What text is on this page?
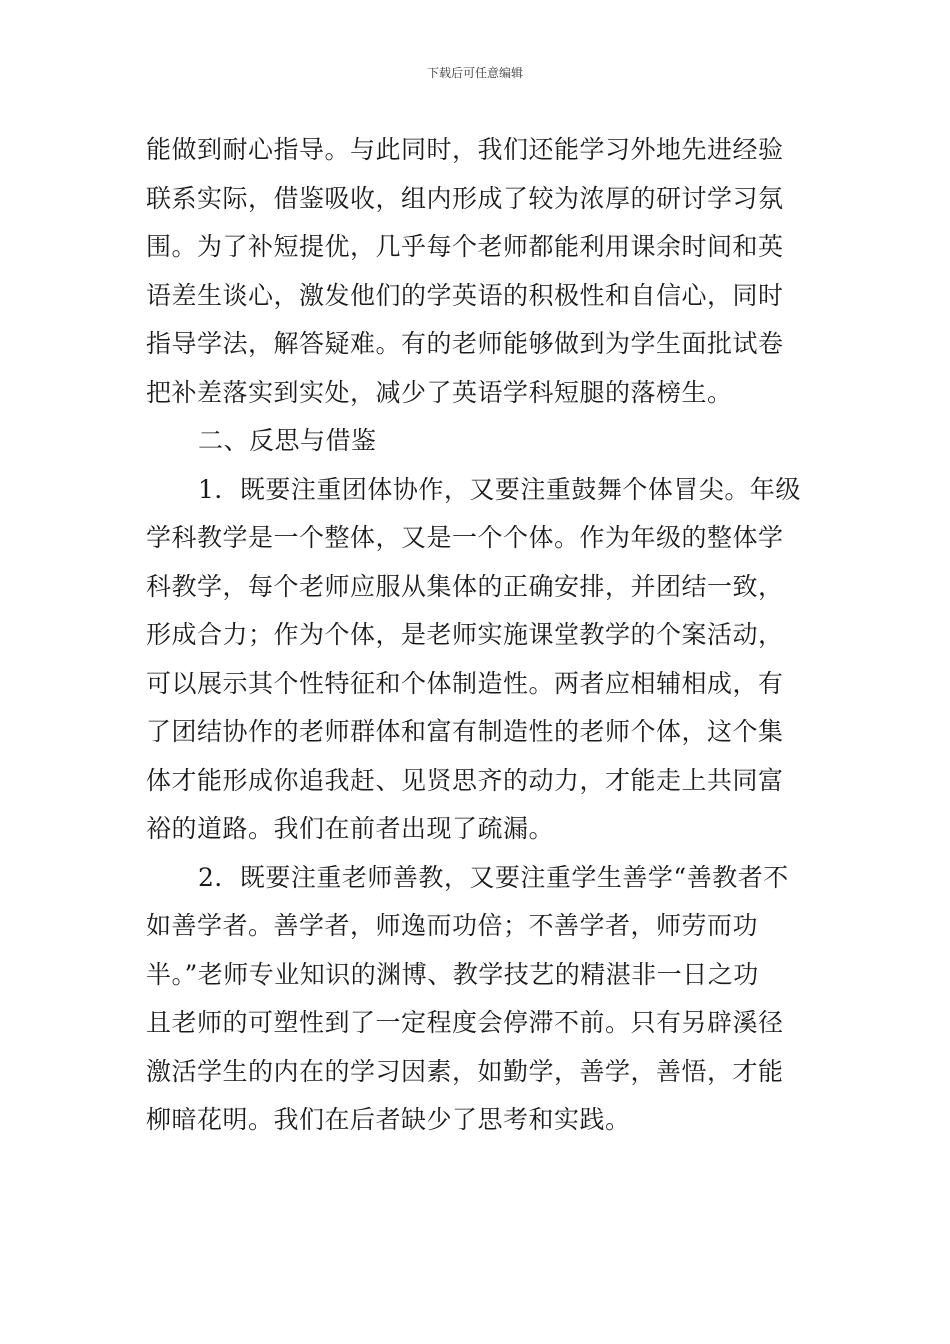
下载后可任意编辑
能做到耐心指导。与此同时，我们还能学习外地先进经验
联系实际，借鉴吸收，组内形成了较为浓厚的研讨学习氛
围。为了补短提优，几乎每个老师都能利用课余时间和英
语差生谈心，激发他们的学英语的积极性和自信心，同时
指导学法，解答疑难。有的老师能够做到为学生面批试卷
把补差落实到实处，减少了英语学科短腿的落榜生。
二、反思与借鉴
1．既要注重团体协作，又要注重鼓舞个体冒尖。年级
学科教学是一个整体，又是一个个体。作为年级的整体学
科教学，每个老师应服从集体的正确安排，并团结一致，
形成合力；作为个体，是老师实施课堂教学的个案活动，
可以展示其个性特征和个体制造性。两者应相辅相成，有
了团结协作的老师群体和富有制造性的老师个体，这个集
体才能形成你追我赶、见贤思齐的动力，才能走上共同富
裕的道路。我们在前者出现了疏漏。
2．既要注重老师善教，又要注重学生善学“善教者不
如善学者。善学者，师逸而功倍；不善学者，师劳而功
半。”老师专业知识的渊博、教学技艺的精湛非一日之功
且老师的可塑性到了一定程度会停滞不前。只有另辟溪径
激活学生的内在的学习因素，如勤学，善学，善悟，才能
柳暗花明。我们在后者缺少了思考和实践。
